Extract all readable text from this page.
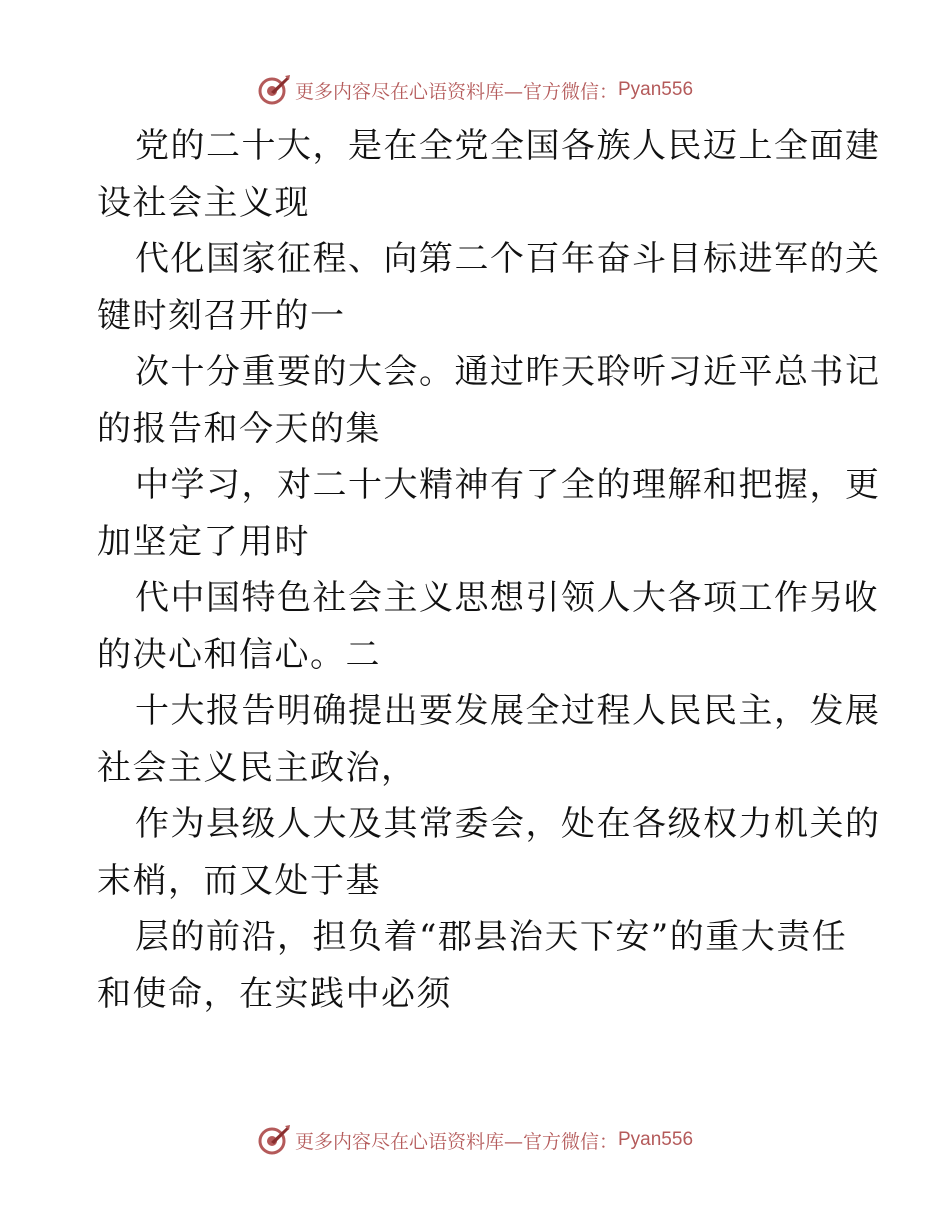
更多内容尽在心语资料库—官方微信： Pyan556
党的二十大，是在全党全国各族人民迈上全面建
设社会主义现
代化国家征程、向第二个百年奋斗目标进军的关
键时刻召开的一
次十分重要的大会。通过昨天聆听习近平总书记
的报告和今天的集
中学习，对二十大精神有了全的理解和把握，更
加坚定了用时
代中国特色社会主义思想引领人大各项工作另收
的决心和信心。二
十大报告明确提出要发展全过程人民民主，发展
社会主义民主政治，
作为县级人大及其常委会，处在各级权力机关的
末梢，而又处于基
层的前沿，担负着“郡县治天下安”的重大责任
和使命，在实践中必须
更多内容尽在心语资料库—官方微信： Pyan556
